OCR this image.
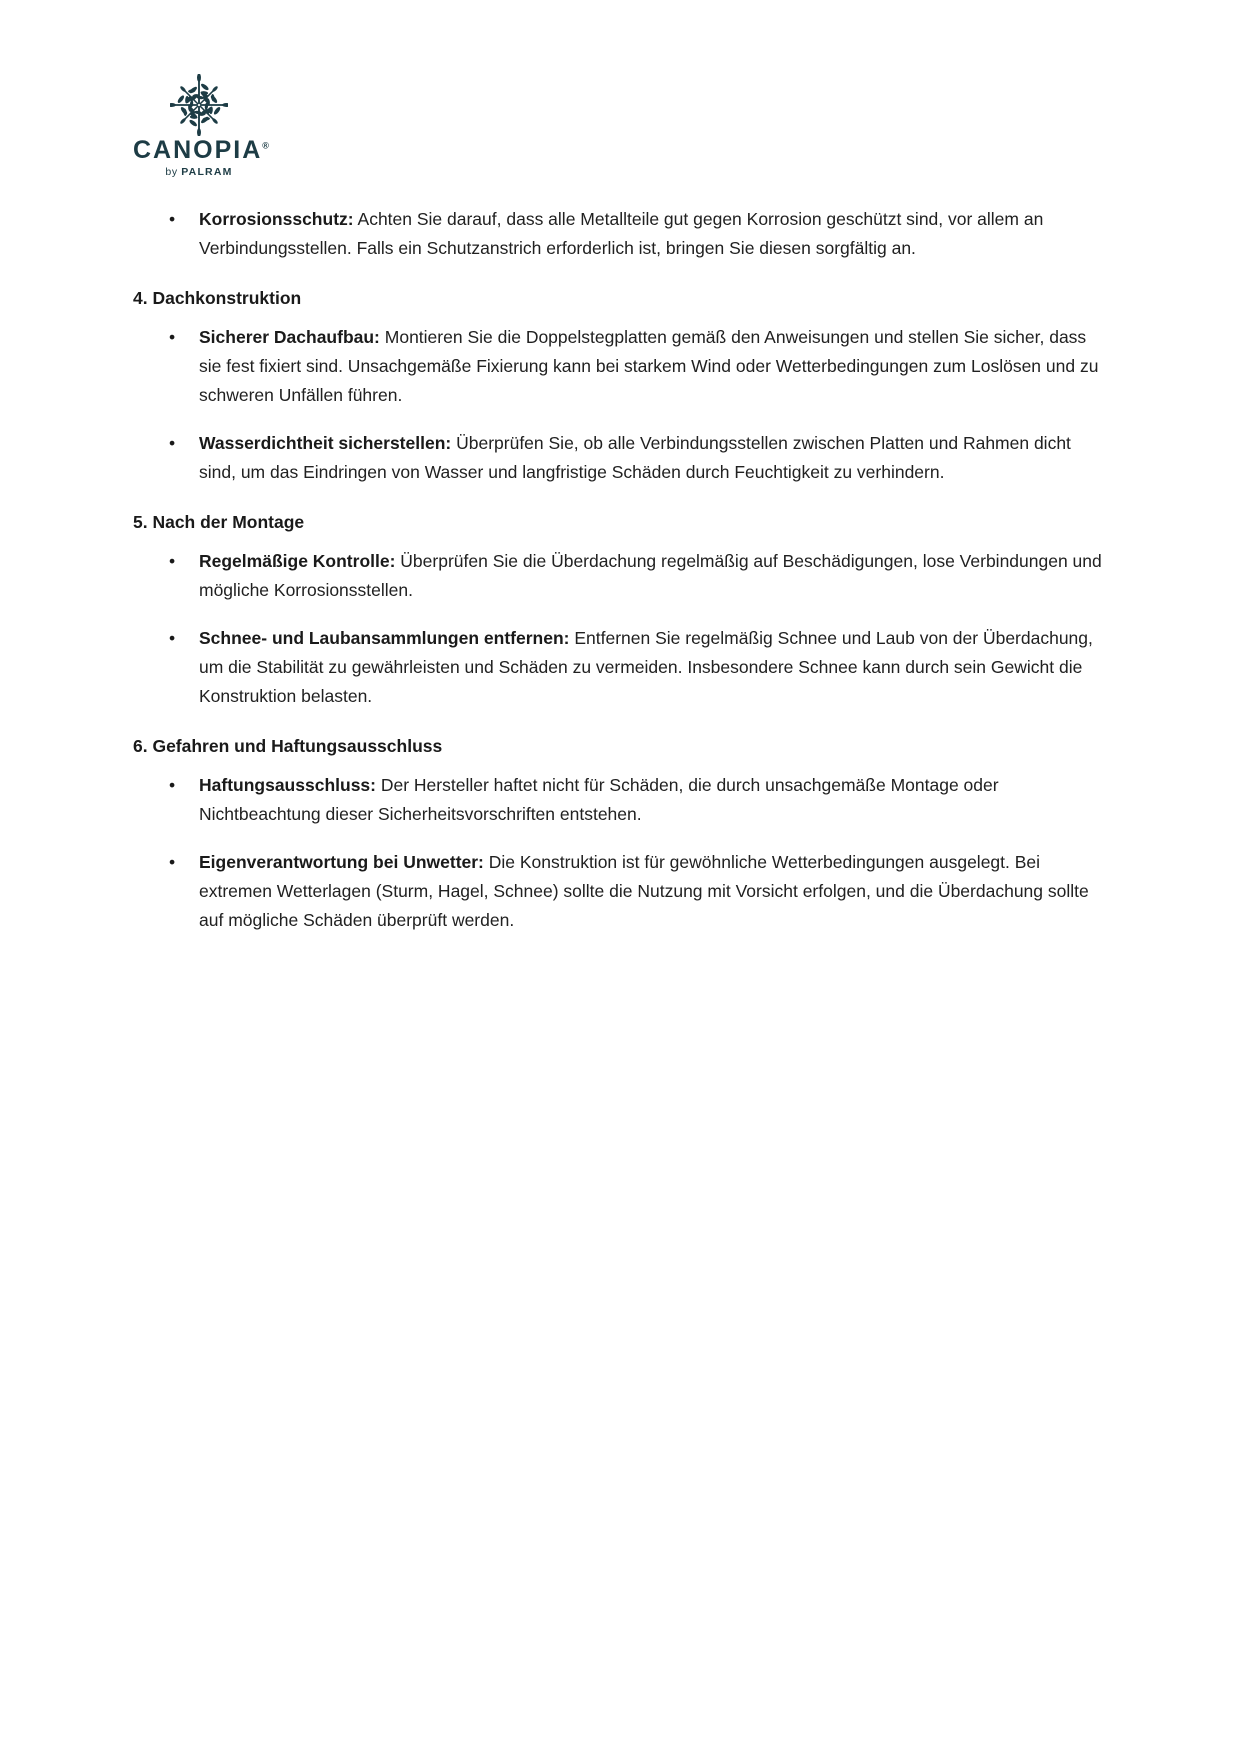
CANOPIA®
by PALRAM
• Korrosionsschutz: Achten Sie darauf, dass alle Metallteile gut gegen Korrosion geschützt sind, vor allem an Verbindungsstellen. Falls ein Schutzanstrich erforderlich ist, bringen Sie diesen sorgfältig an.
4. Dachkonstruktion
• Sicherer Dachaufbau: Montieren Sie die Doppelstegplatten gemäß den Anweisungen und stellen Sie sicher, dass sie fest fixiert sind. Unsachgemäße Fixierung kann bei starkem Wind oder Wetterbedingungen zum Loslösen und zu schweren Unfällen führen.
• Wasserdichtheit sicherstellen: Überprüfen Sie, ob alle Verbindungsstellen zwischen Platten und Rahmen dicht sind, um das Eindringen von Wasser und langfristige Schäden durch Feuchtigkeit zu verhindern.
5. Nach der Montage
• Regelmäßige Kontrolle: Überprüfen Sie die Überdachung regelmäßig auf Beschädigungen, lose Verbindungen und mögliche Korrosionsstellen.
• Schnee- und Laubansammlungen entfernen: Entfernen Sie regelmäßig Schnee und Laub von der Überdachung, um die Stabilität zu gewährleisten und Schäden zu vermeiden. Insbesondere Schnee kann durch sein Gewicht die Konstruktion belasten.
6. Gefahren und Haftungsausschluss
• Haftungsausschluss: Der Hersteller haftet nicht für Schäden, die durch unsachgemäße Montage oder Nichtbeachtung dieser Sicherheitsvorschriften entstehen.
• Eigenverantwortung bei Unwetter: Die Konstruktion ist für gewöhnliche Wetterbedingungen ausgelegt. Bei extremen Wetterlagen (Sturm, Hagel, Schnee) sollte die Nutzung mit Vorsicht erfolgen, und die Überdachung sollte auf mögliche Schäden überprüft werden.
